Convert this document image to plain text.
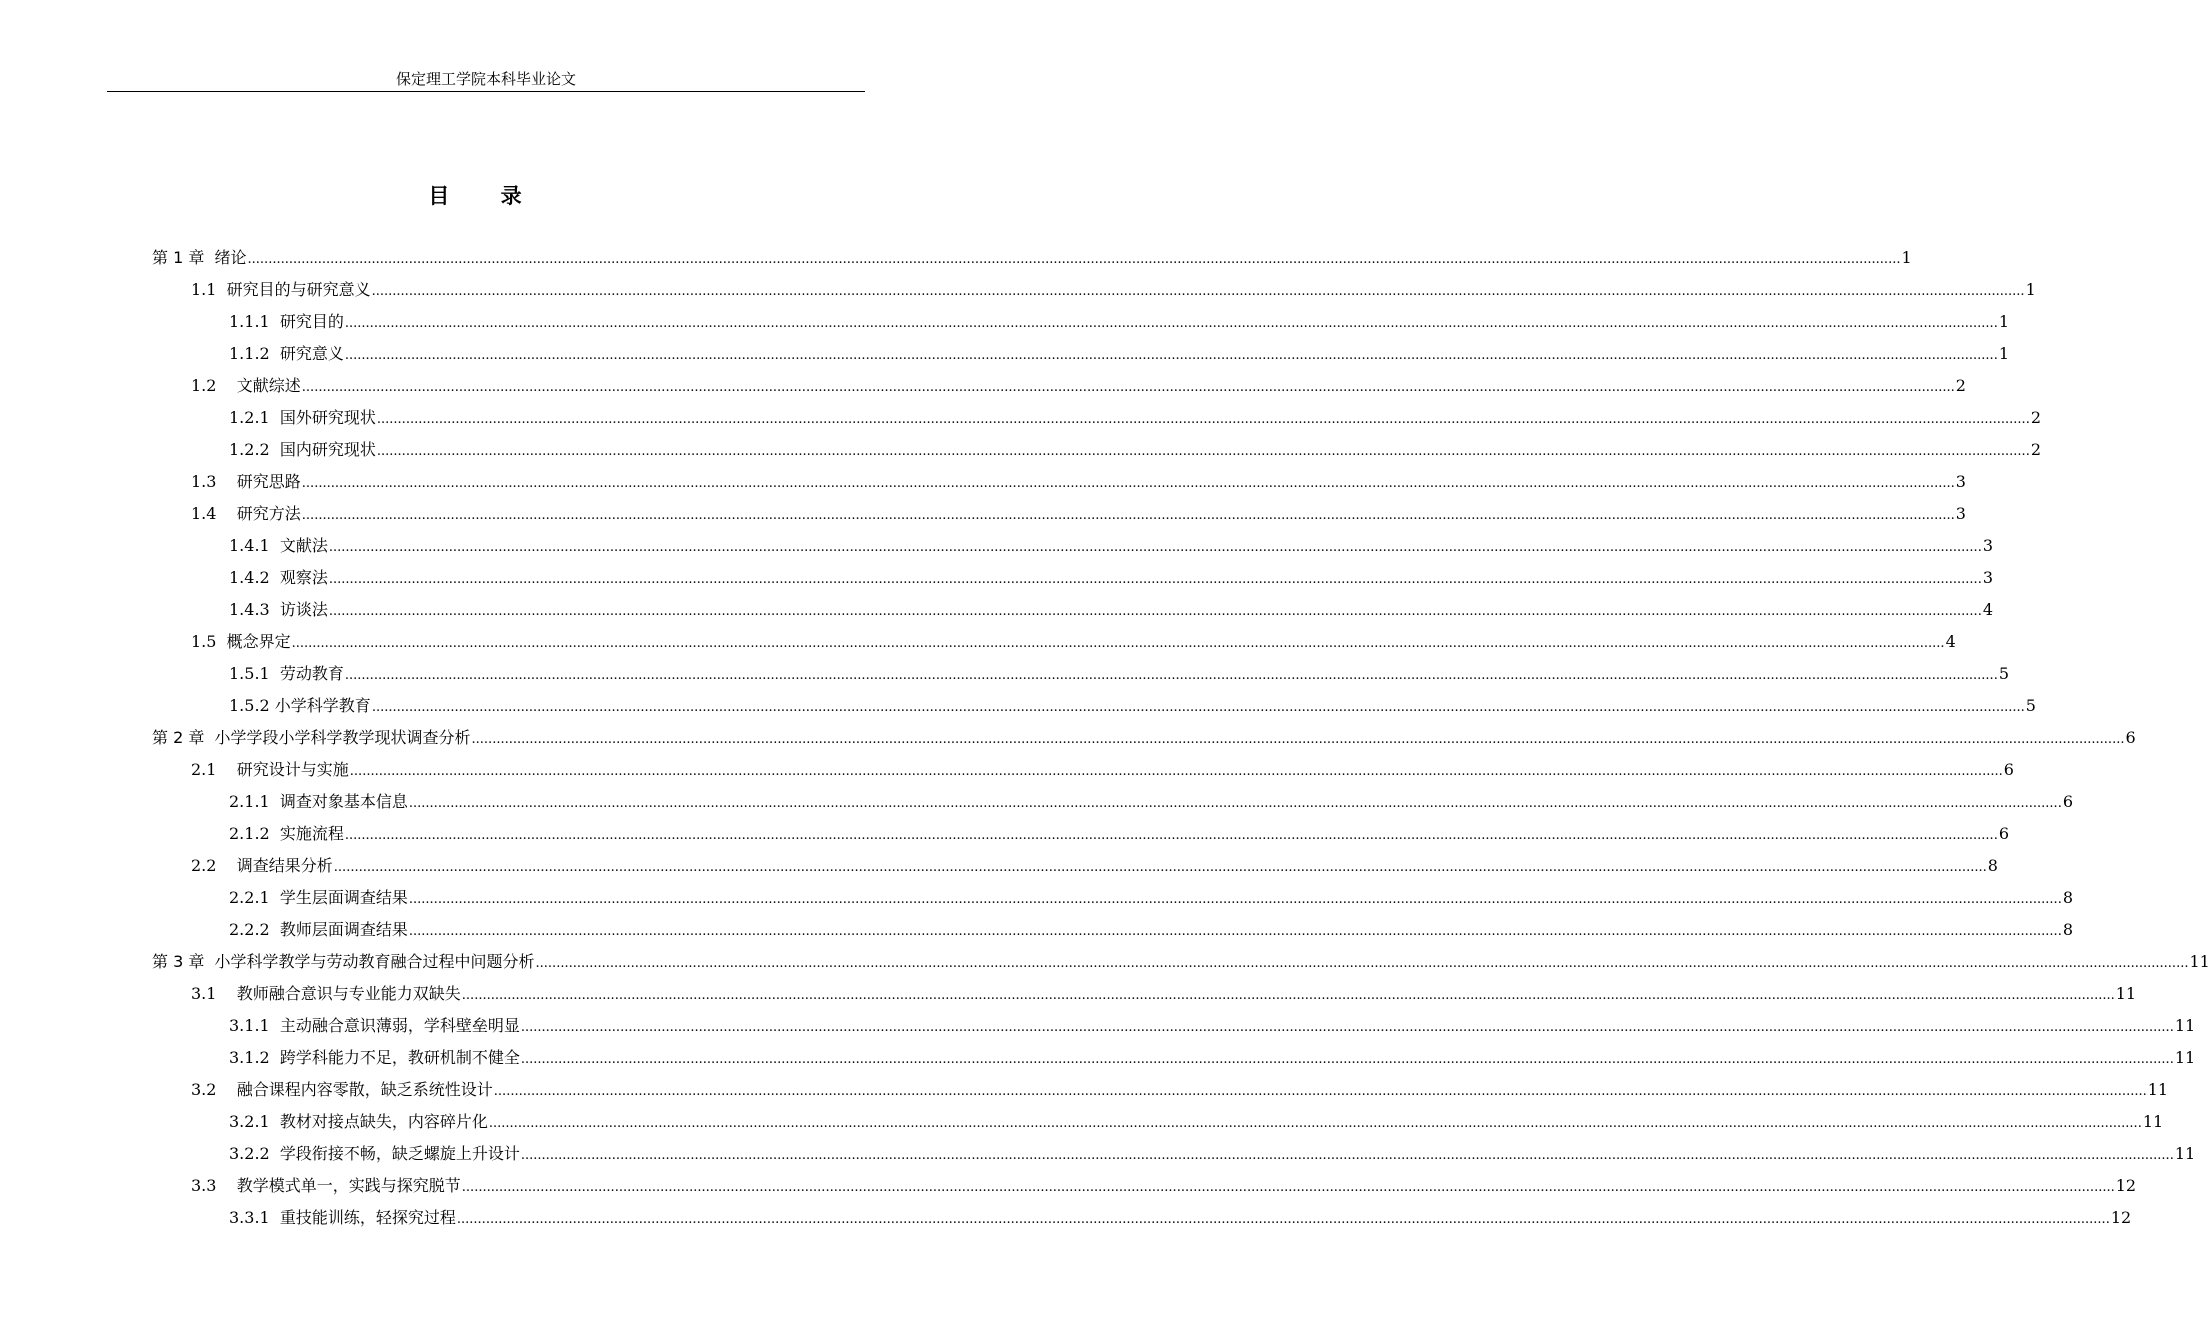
保定理工学院本科毕业论文
目 录
第 1 章  绪论 ................................................................................................................................................................................................................................................................................................................................................................................................................ 1
1.1  研究目的与研究意义 ................................................................................................................................................................................................................................................................................................................................................................................................................ 1
1.1.1  研究目的 ................................................................................................................................................................................................................................................................................................................................................................................................................ 1
1.1.2  研究意义 ................................................................................................................................................................................................................................................................................................................................................................................................................ 1
1.2    文献综述 ................................................................................................................................................................................................................................................................................................................................................................................................................ 2
1.2.1  国外研究现状 ................................................................................................................................................................................................................................................................................................................................................................................................................ 2
1.2.2  国内研究现状 ................................................................................................................................................................................................................................................................................................................................................................................................................ 2
1.3    研究思路 ................................................................................................................................................................................................................................................................................................................................................................................................................ 3
1.4    研究方法 ................................................................................................................................................................................................................................................................................................................................................................................................................ 3
1.4.1  文献法 ................................................................................................................................................................................................................................................................................................................................................................................................................ 3
1.4.2  观察法 ................................................................................................................................................................................................................................................................................................................................................................................................................ 3
1.4.3  访谈法 ................................................................................................................................................................................................................................................................................................................................................................................................................ 4
1.5  概念界定 ................................................................................................................................................................................................................................................................................................................................................................................................................ 4
1.5.1  劳动教育 ................................................................................................................................................................................................................................................................................................................................................................................................................ 5
1.5.2 小学科学教育 ................................................................................................................................................................................................................................................................................................................................................................................................................ 5
第 2 章  小学学段小学科学教学现状调查分析 ................................................................................................................................................................................................................................................................................................................................................................................................................ 6
2.1    研究设计与实施 ................................................................................................................................................................................................................................................................................................................................................................................................................ 6
2.1.1  调查对象基本信息 ................................................................................................................................................................................................................................................................................................................................................................................................................ 6
2.1.2  实施流程 ................................................................................................................................................................................................................................................................................................................................................................................................................ 6
2.2    调查结果分析 ................................................................................................................................................................................................................................................................................................................................................................................................................ 8
2.2.1  学生层面调查结果 ................................................................................................................................................................................................................................................................................................................................................................................................................ 8
2.2.2  教师层面调查结果 ................................................................................................................................................................................................................................................................................................................................................................................................................ 8
第 3 章  小学科学教学与劳动教育融合过程中问题分析 ................................................................................................................................................................................................................................................................................................................................................................................................................ 11
3.1    教师融合意识与专业能力双缺失 ................................................................................................................................................................................................................................................................................................................................................................................................................ 11
3.1.1  主动融合意识薄弱，学科壁垒明显 ................................................................................................................................................................................................................................................................................................................................................................................................................ 11
3.1.2  跨学科能力不足，教研机制不健全 ................................................................................................................................................................................................................................................................................................................................................................................................................ 11
3.2    融合课程内容零散，缺乏系统性设计 ................................................................................................................................................................................................................................................................................................................................................................................................................ 11
3.2.1  教材对接点缺失，内容碎片化 ................................................................................................................................................................................................................................................................................................................................................................................................................ 11
3.2.2  学段衔接不畅，缺乏螺旋上升设计 ................................................................................................................................................................................................................................................................................................................................................................................................................ 11
3.3    教学模式单一，实践与探究脱节 ................................................................................................................................................................................................................................................................................................................................................................................................................ 12
3.3.1  重技能训练，轻探究过程 ................................................................................................................................................................................................................................................................................................................................................................................................................ 12
